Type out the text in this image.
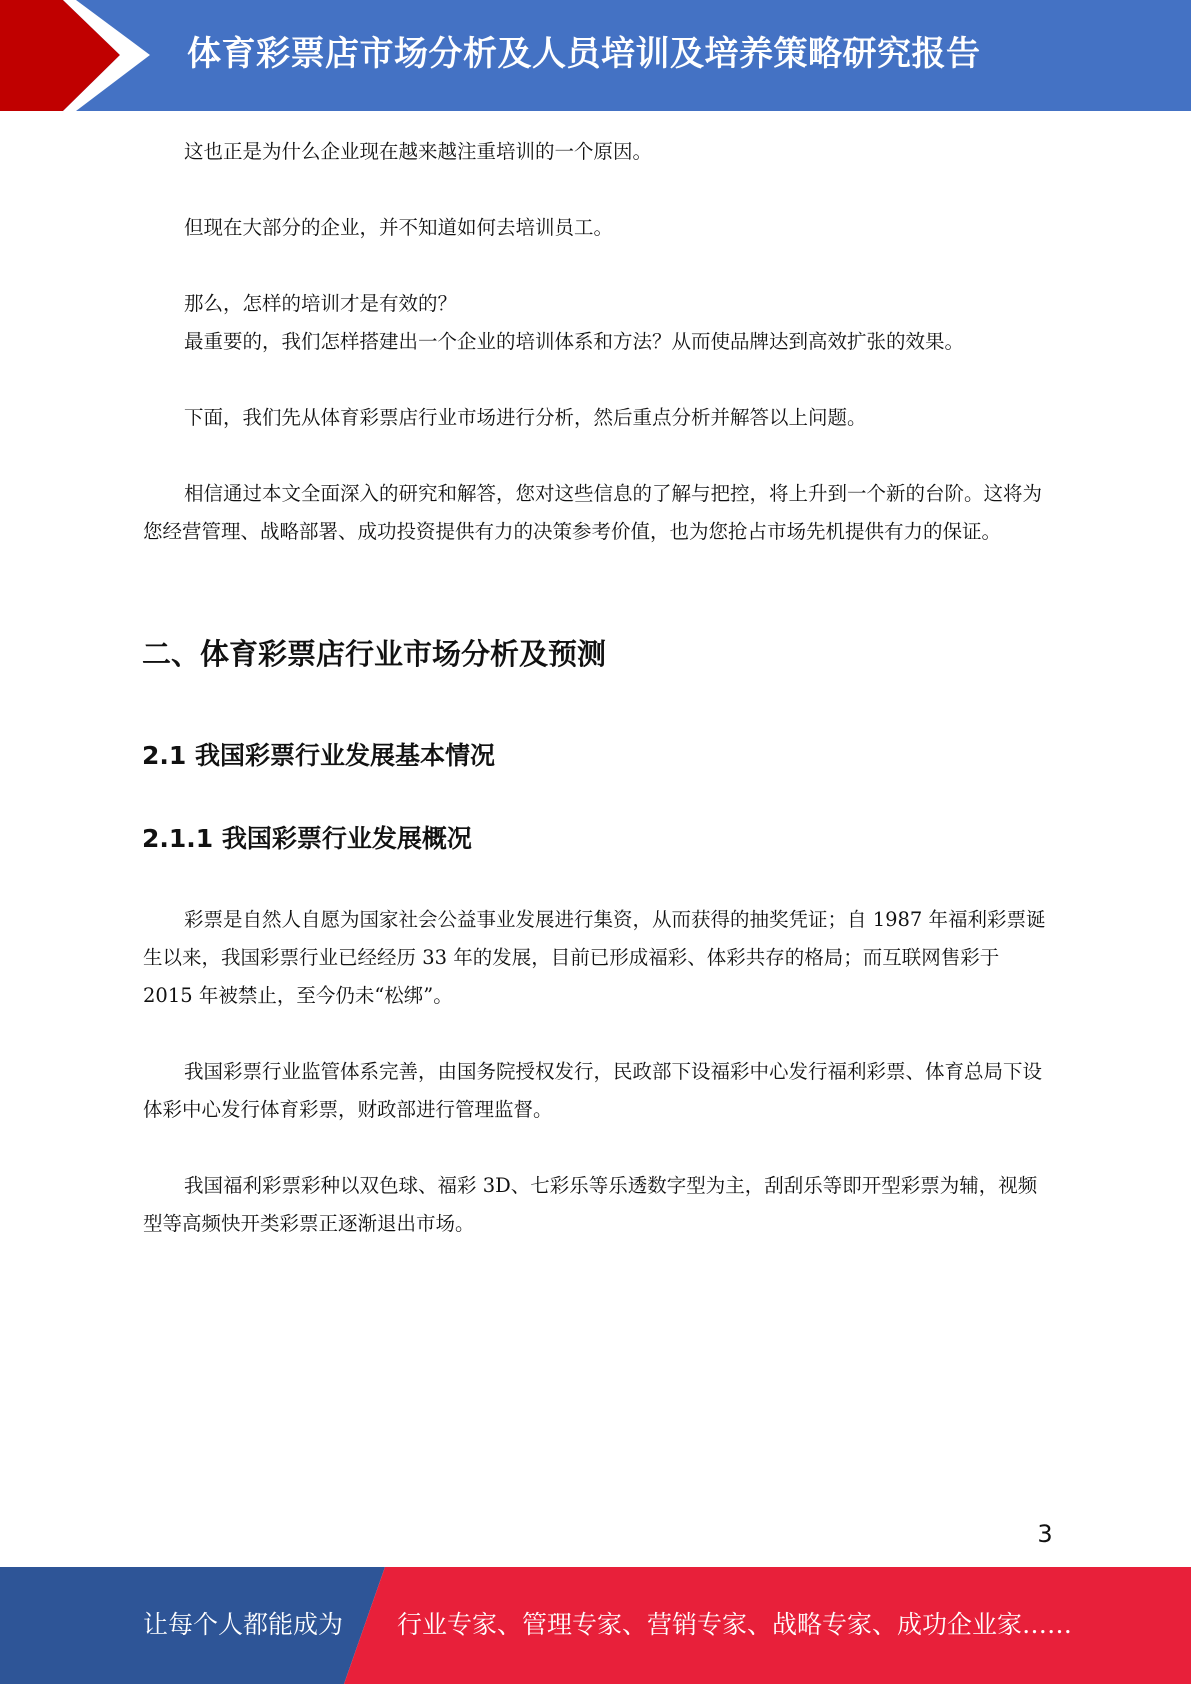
体育彩票店市场分析及人员培训及培养策略研究报告

这也正是为什么企业现在越来越注重培训的一个原因。

但现在大部分的企业，并不知道如何去培训员工。

那么，怎样的培训才是有效的？

最重要的，我们怎样搭建出一个企业的培训体系和方法？从而使品牌达到高效扩张的效果。

下面，我们先从体育彩票店行业市场进行分析，然后重点分析并解答以上问题。

相信通过本文全面深入的研究和解答，您对这些信息的了解与把控，将上升到一个新的台阶。这将为您经营管理、战略部署、成功投资提供有力的决策参考价值，也为您抢占市场先机提供有力的保证。

二、体育彩票店行业市场分析及预测
2.1 我国彩票行业发展基本情况
2.1.1 我国彩票行业发展概况

彩票是自然人自愿为国家社会公益事业发展进行集资，从而获得的抽奖凭证；自 1987 年福利彩票诞生以来，我国彩票行业已经经历 33 年的发展，目前已形成福彩、体彩共存的格局；而互联网售彩于 2015 年被禁止，至今仍未“松绑”。

我国彩票行业监管体系完善，由国务院授权发行，民政部下设福彩中心发行福利彩票、体育总局下设体彩中心发行体育彩票，财政部进行管理监督。

我国福利彩票彩种以双色球、福彩 3D、七彩乐等乐透数字型为主，刮刮乐等即开型彩票为辅，视频型等高频快开类彩票正逐渐退出市场。

3
让每个人都能成为 行业专家、管理专家、营销专家、战略专家、成功企业家……
